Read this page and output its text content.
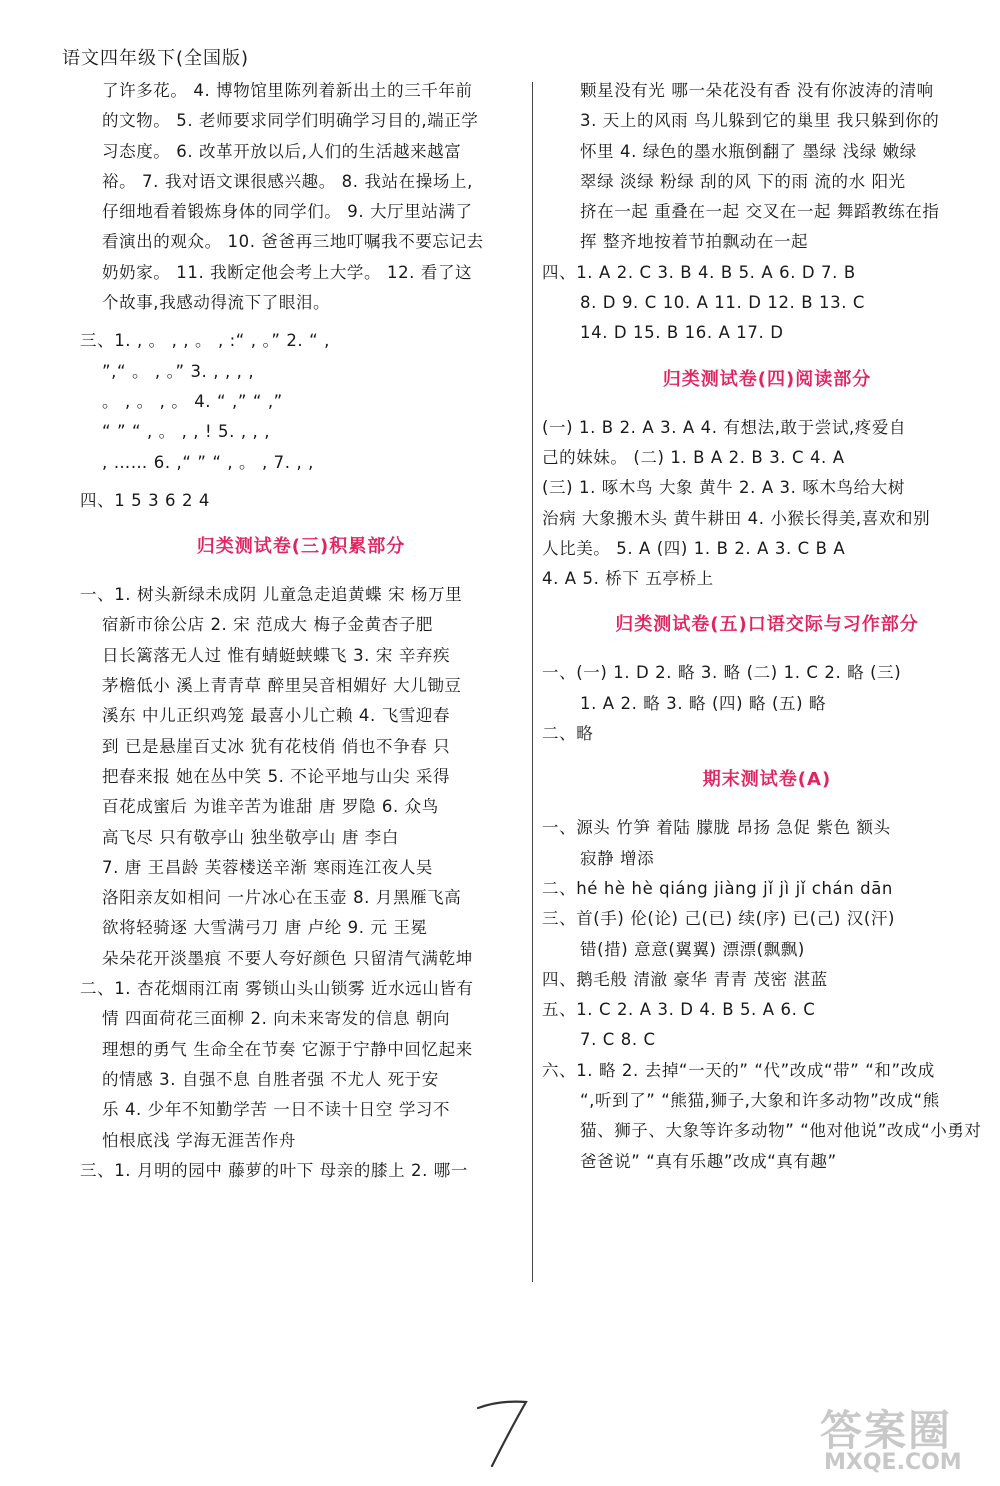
语文四年级下(全国版)
了许多花。 4. 博物馆里陈列着新出土的三千年前
的文物。 5. 老师要求同学们明确学习目的,端正学
习态度。 6. 改革开放以后,人们的生活越来越富
裕。 7. 我对语文课很感兴趣。 8. 我站在操场上,
仔细地看着锻炼身体的同学们。 9. 大厅里站满了
看演出的观众。 10. 爸爸再三地叮嘱我不要忘记去
奶奶家。 11. 我断定他会考上大学。 12. 看了这
个故事,我感动得流下了眼泪。
三、1. , 。 , , 。 , :“ , 。” 2. “ ,
”,“ 。 , 。” 3. , , , ,
。 , 。 , 。 4. “ ,” “ ,”
“ ” “ , 。 , , ! 5. , , ,
, …… 6. ,“ ” “ , 。 , 7. , ,
四、1 5 3 6 2 4
归类测试卷(三)积累部分
一、1. 树头新绿未成阴 儿童急走追黄蝶 宋 杨万里
宿新市徐公店 2. 宋 范成大 梅子金黄杏子肥
日长篱落无人过 惟有蜻蜓蛱蝶飞 3. 宋 辛弃疾
茅檐低小 溪上青青草 醉里吴音相媚好 大儿锄豆
溪东 中儿正织鸡笼 最喜小儿亡赖 4. 飞雪迎春
到 已是悬崖百丈冰 犹有花枝俏 俏也不争春 只
把春来报 她在丛中笑 5. 不论平地与山尖 采得
百花成蜜后 为谁辛苦为谁甜 唐 罗隐 6. 众鸟
高飞尽 只有敬亭山 独坐敬亭山 唐 李白
7. 唐 王昌龄 芙蓉楼送辛渐 寒雨连江夜人吴
洛阳亲友如相问 一片冰心在玉壶 8. 月黑雁飞高
欲将轻骑逐 大雪满弓刀 唐 卢纶 9. 元 王冕
朵朵花开淡墨痕 不要人夸好颜色 只留清气满乾坤
二、1. 杏花烟雨江南 雾锁山头山锁雾 近水远山皆有
情 四面荷花三面柳 2. 向未来寄发的信息 朝向
理想的勇气 生命全在节奏 它源于宁静中回忆起来
的情感 3. 自强不息 自胜者强 不尤人 死于安
乐 4. 少年不知勤学苦 一日不读十日空 学习不
怕根底浅 学海无涯苦作舟
三、1. 月明的园中 藤萝的叶下 母亲的膝上 2. 哪一
颗星没有光 哪一朵花没有香 没有你波涛的清响
3. 天上的风雨 鸟儿躲到它的巢里 我只躲到你的
怀里 4. 绿色的墨水瓶倒翻了 墨绿 浅绿 嫩绿
翠绿 淡绿 粉绿 刮的风 下的雨 流的水 阳光
挤在一起 重叠在一起 交叉在一起 舞蹈教练在指
挥 整齐地按着节拍飘动在一起
四、1. A 2. C 3. B 4. B 5. A 6. D 7. B
8. D 9. C 10. A 11. D 12. B 13. C
14. D 15. B 16. A 17. D
归类测试卷(四)阅读部分
(一) 1. B 2. A 3. A 4. 有想法,敢于尝试,疼爱自
己的妹妹。 (二) 1. B A 2. B 3. C 4. A
(三) 1. 啄木鸟 大象 黄牛 2. A 3. 啄木鸟给大树
治病 大象搬木头 黄牛耕田 4. 小猴长得美,喜欢和别
人比美。 5. A (四) 1. B 2. A 3. C B A
4. A 5. 桥下 五亭桥上
归类测试卷(五)口语交际与习作部分
一、(一) 1. D 2. 略 3. 略 (二) 1. C 2. 略 (三)
1. A 2. 略 3. 略 (四) 略 (五) 略
二、略
期末测试卷(A)
一、源头 竹笋 着陆 朦胧 昂扬 急促 紫色 额头
寂静 增添
二、hé hè hè qiáng jiàng jǐ jì jǐ chán dān
三、首(手) 伦(论) 己(已) 续(序) 已(己) 汉(汗)
错(措) 意意(翼翼) 漂漂(飘飘)
四、鹅毛般 清澈 豪华 青青 茂密 湛蓝
五、1. C 2. A 3. D 4. B 5. A 6. C
7. C 8. C
六、1. 略 2. 去掉“一天的” “代”改成“带” “和”改成
“,听到了” “熊猫,狮子,大象和许多动物”改成“熊
猫、狮子、大象等许多动物” “他对他说”改成“小勇对
爸爸说” “真有乐趣”改成“真有趣”
答案圈
MXQE.COM
